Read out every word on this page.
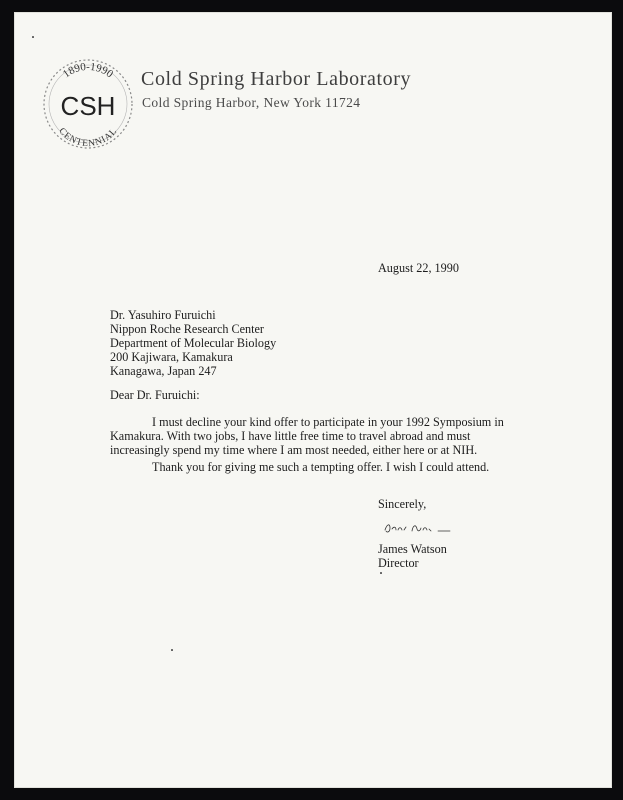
1890-1990
CSH
CENTENNIAL
Cold Spring Harbor Laboratory
Cold Spring Harbor, New York 11724
August 22, 1990
Dr. Yasuhiro Furuichi
Nippon Roche Research Center
Department of Molecular Biology
200 Kajiwara, Kamakura
Kanagawa, Japan 247
Dear Dr. Furuichi:
I must decline your kind offer to participate in your 1992 Symposium in
Kamakura. With two jobs, I have little free time to travel abroad and must
increasingly spend my time where I am most needed, either here or at NIH.
Thank you for giving me such a tempting offer. I wish I could attend.
Sincerely,
James Watson
Director
